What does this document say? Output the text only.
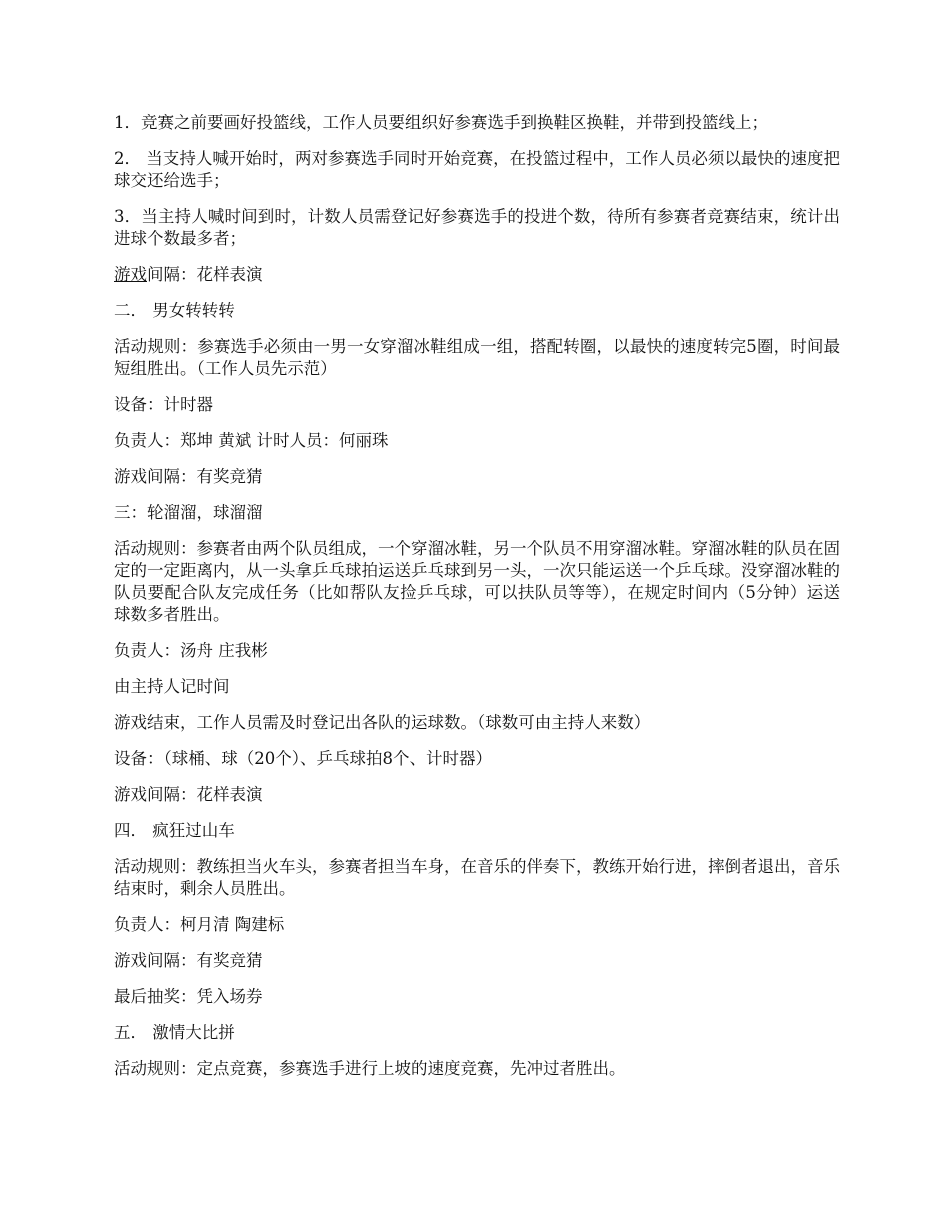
1．竞赛之前要画好投篮线，工作人员要组织好参赛选手到换鞋区换鞋，并带到投篮线上；

2． 当支持人喊开始时，两对参赛选手同时开始竞赛，在投篮过程中，工作人员必须以最快的速度把球交还给选手；

3．当主持人喊时间到时，计数人员需登记好参赛选手的投进个数，待所有参赛者竞赛结束，统计出进球个数最多者；

游戏间隔：花样表演

二． 男女转转转

活动规则：参赛选手必须由一男一女穿溜冰鞋组成一组，搭配转圈，以最快的速度转完5圈，时间最短组胜出。（工作人员先示范）

设备：计时器

负责人：郑坤 黄斌 计时人员：何丽珠

游戏间隔：有奖竞猜

三：轮溜溜，球溜溜

活动规则：参赛者由两个队员组成，一个穿溜冰鞋，另一个队员不用穿溜冰鞋。穿溜冰鞋的队员在固定的一定距离内，从一头拿乒乓球拍运送乒乓球到另一头，一次只能运送一个乒乓球。没穿溜冰鞋的队员要配合队友完成任务（比如帮队友捡乒乓球，可以扶队员等等），在规定时间内（5分钟）运送球数多者胜出。

负责人：汤舟 庄我彬

由主持人记时间

游戏结束，工作人员需及时登记出各队的运球数。（球数可由主持人来数）

设备：（球桶、球（20个）、乒乓球拍8个、计时器）

游戏间隔：花样表演

四． 疯狂过山车

活动规则：教练担当火车头，参赛者担当车身，在音乐的伴奏下，教练开始行进，摔倒者退出，音乐结束时，剩余人员胜出。

负责人：柯月清 陶建标

游戏间隔：有奖竞猜

最后抽奖：凭入场券

五． 激情大比拼

活动规则：定点竞赛，参赛选手进行上坡的速度竞赛，先冲过者胜出。
